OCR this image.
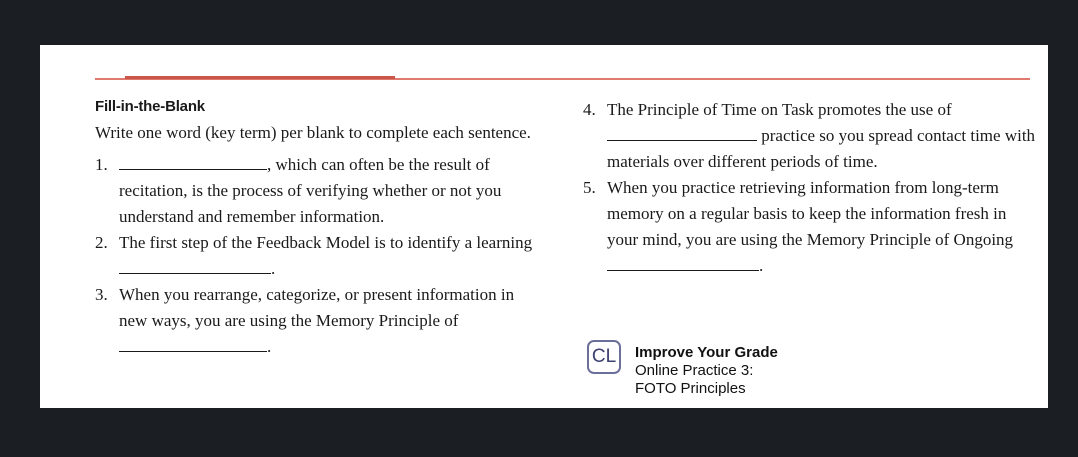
Fill-in-the-Blank
Write one word (key term) per blank to complete each sentence.
1.	, which can often be the result of recitation, is the process of verifying whether or not you understand and remember information.
2. The first step of the Feedback Model is to identify a learning.
3. When you rearrange, categorize, or present information in new ways, you are using the Memory Principle of.
4. The Principle of Time on Task promotes the use of  practice so you spread contact time with materials over different periods of time.
5. When you practice retrieving information from long-term memory on a regular basis to keep the information fresh in your mind, you are using the Memory Principle of Ongoing.
CL	Improve Your Grade
Online Practice 3:
FOTO Principles
